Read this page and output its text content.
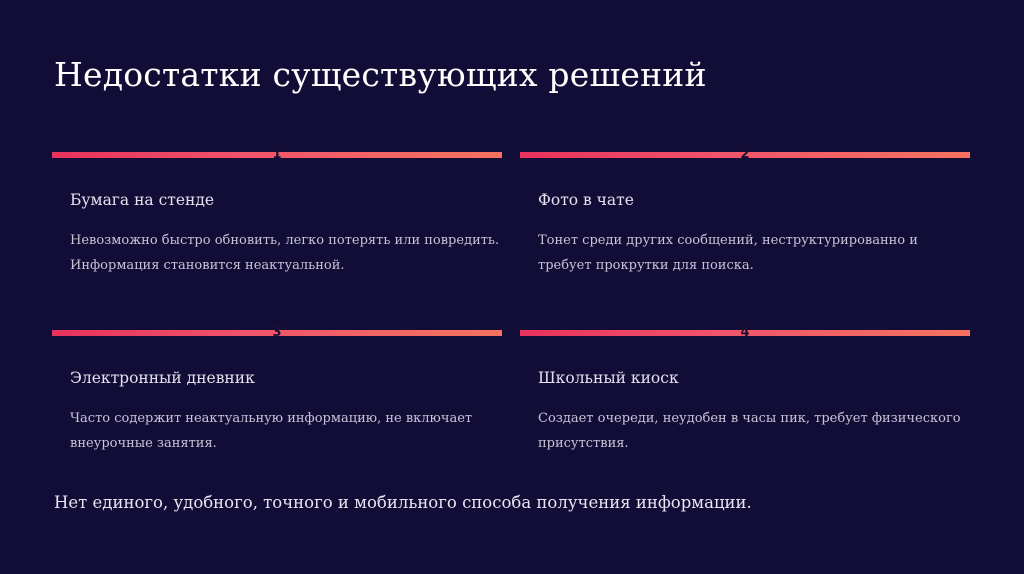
Недостатки существующих решений
1
Бумага на стенде
Невозможно быстро обновить, легко потерять или повредить. Информация становится неактуальной.
2
Фото в чате
Тонет среди других сообщений, неструктурированно и требует прокрутки для поиска.
3
Электронный дневник
Часто содержит неактуальную информацию, не включает внеурочные занятия.
4
Школьный киоск
Создает очереди, неудобен в часы пик, требует физического присутствия.
Нет единого, удобного, точного и мобильного способа получения информации.
